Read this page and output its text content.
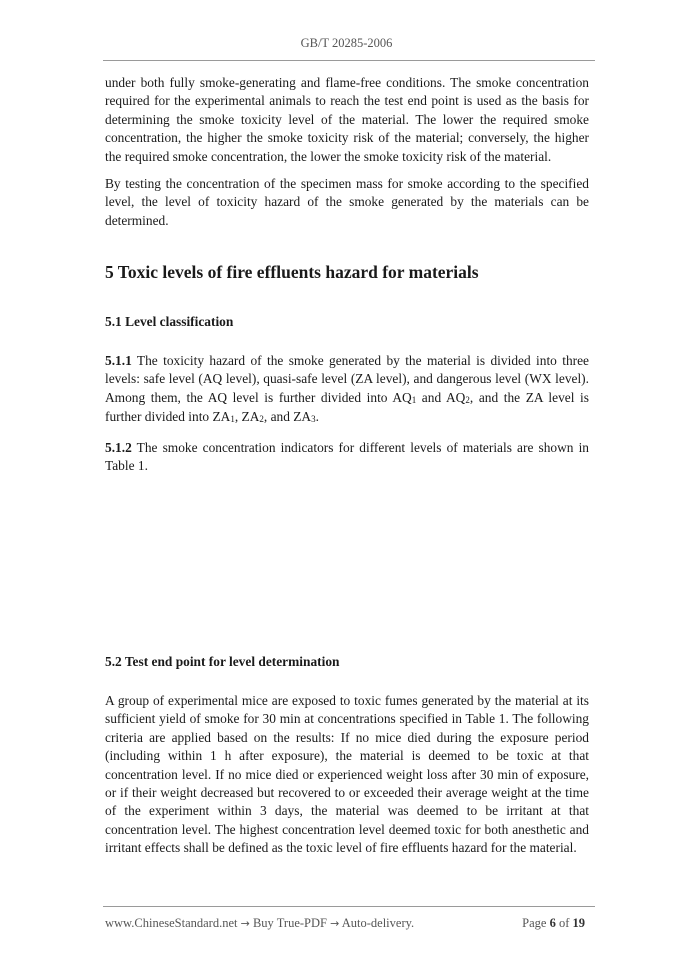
GB/T 20285-2006

under both fully smoke-generating and flame-free conditions. The smoke concentration required for the experimental animals to reach the test end point is used as the basis for determining the smoke toxicity level of the material. The lower the required smoke concentration, the higher the smoke toxicity risk of the material; conversely, the higher the required smoke concentration, the lower the smoke toxicity risk of the material.

By testing the concentration of the specimen mass for smoke according to the specified level, the level of toxicity hazard of the smoke generated by the materials can be determined.

5 Toxic levels of fire effluents hazard for materials
5.1 Level classification

5.1.1 The toxicity hazard of the smoke generated by the material is divided into three levels: safe level (AQ level), quasi-safe level (ZA level), and dangerous level (WX level). Among them, the AQ level is further divided into $AQ_1$ and $AQ_2$, and the ZA level is further divided into $ZA_1$, $ZA_2$, and $ZA_3$.

5.1.2 The smoke concentration indicators for different levels of materials are shown in Table 1.

5.2 Test end point for level determination

A group of experimental mice are exposed to toxic fumes generated by the material at its sufficient yield of smoke for 30 min at concentrations specified in Table 1. The following criteria are applied based on the results: If no mice died during the exposure period (including within 1 h after exposure), the material is deemed to be toxic at that concentration level. If no mice died or experienced weight loss after 30 min of exposure, or if their weight decreased but recovered to or exceeded their average weight at the time of the experiment within 3 days, the material was deemed to be irritant at that concentration level. The highest concentration level deemed toxic for both anesthetic and irritant effects shall be defined as the toxic level of fire effluents hazard for the material.

www.ChineseStandard.net → Buy True-PDF → Auto-delivery.	Page 6 of 19
